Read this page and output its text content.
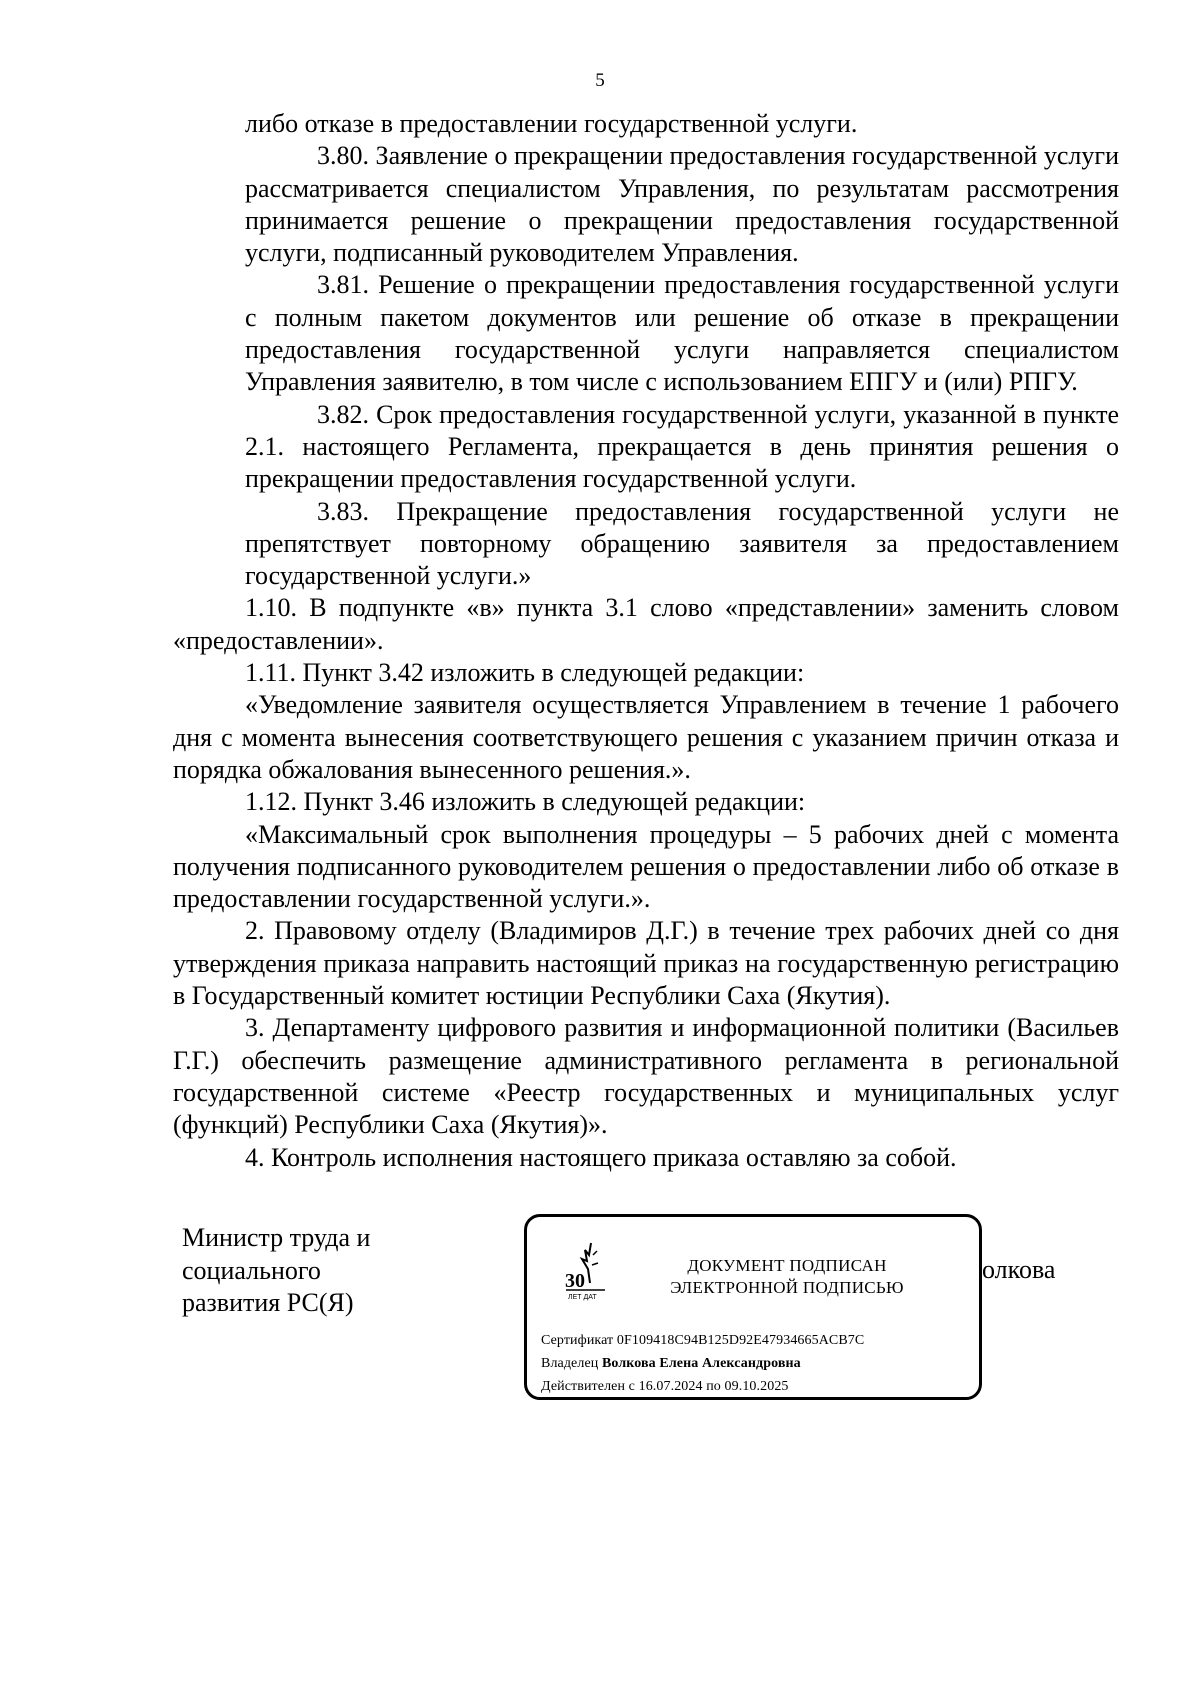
5

либо отказе в предоставлении государственной услуги.

3.80. Заявление о прекращении предоставления государственной услуги рассматривается специалистом Управления, по результатам рассмотрения принимается решение о прекращении предоставления государственной услуги, подписанный руководителем Управления.

3.81. Решение о прекращении предоставления государственной услуги с полным пакетом документов или решение об отказе в прекращении предоставления государственной услуги направляется специалистом Управления заявителю, в том числе с использованием ЕПГУ и (или) РПГУ.

3.82. Срок предоставления государственной услуги, указанной в пункте 2.1. настоящего Регламента, прекращается в день принятия решения о прекращении предоставления государственной услуги.

3.83. Прекращение предоставления государственной услуги не препятствует повторному обращению заявителя за предоставлением государственной услуги.»

1.10. В подпункте «в» пункта 3.1 слово «представлении» заменить словом «предоставлении».

1.11. Пункт 3.42 изложить в следующей редакции:

«Уведомление заявителя осуществляется Управлением в течение 1 рабочего дня с момента вынесения соответствующего решения с указанием причин отказа и порядка обжалования вынесенного решения.».

1.12. Пункт 3.46 изложить в следующей редакции:

«Максимальный срок выполнения процедуры – 5 рабочих дней с момента получения подписанного руководителем решения о предоставлении либо об отказе в предоставлении государственной услуги.».

2. Правовому отделу (Владимиров Д.Г.) в течение трех рабочих дней со дня утверждения приказа направить настоящий приказ на государственную регистрацию в Государственный комитет юстиции Республики Саха (Якутия).

3. Департаменту цифрового развития и информационной политики (Васильев Г.Г.) обеспечить размещение административного регламента в региональной государственной системе «Реестр государственных и муниципальных услуг (функций) Республики Саха (Якутия)».

4. Контроль исполнения настоящего приказа оставляю за собой.

Министр труда и
социального
развития РС(Я)
олкова
30
ЛЕТ ДАТ
ДОКУМЕНТ ПОДПИСАН
ЭЛЕКТРОННОЙ ПОДПИСЬЮ
Сертификат 0F109418C94B125D92E47934665ACB7C
Владелец Волкова Елена Александровна
Действителен с 16.07.2024 по 09.10.2025
